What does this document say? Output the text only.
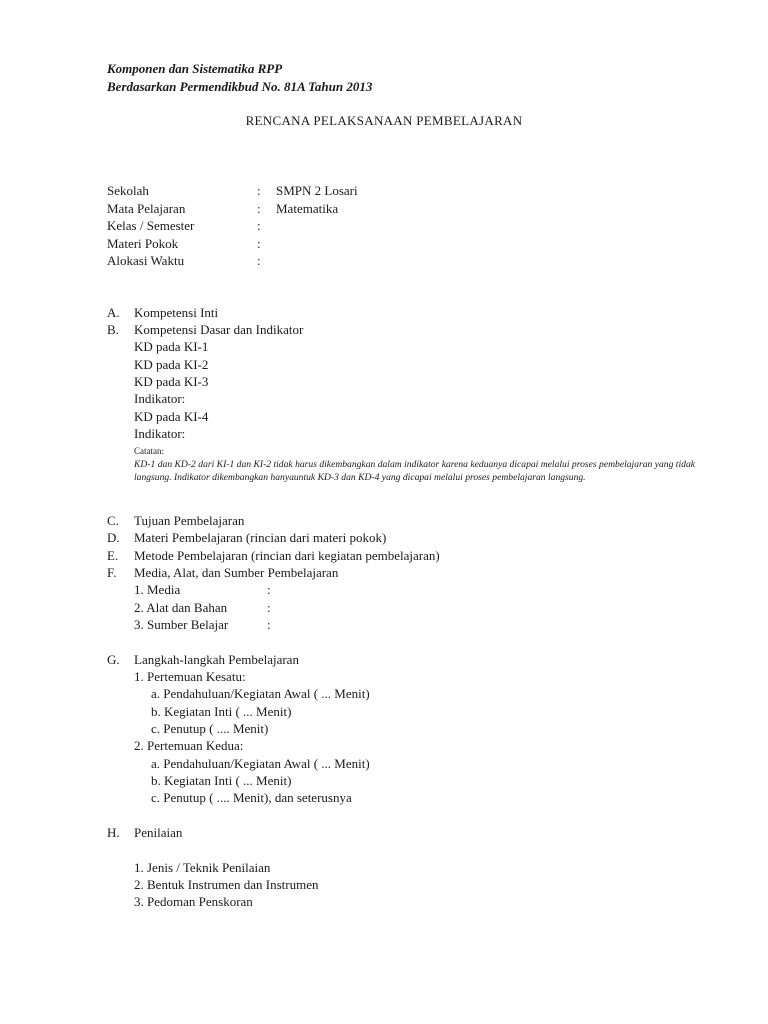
Komponen dan Sistematika RPP
Berdasarkan Permendikbud No. 81A Tahun 2013
RENCANA PELAKSANAAN PEMBELAJARAN
Sekolah	: SMPN 2 Losari
Mata Pelajaran	: Matematika
Kelas / Semester	:
Materi Pokok	:
Alokasi Waktu	:
A. Kompetensi Inti
B. Kompetensi Dasar dan Indikator
KD pada KI-1
KD pada KI-2
KD pada KI-3
Indikator:
KD pada KI-4
Indikator:
Catatan:
KD-1 dan KD-2 dari KI-1 dan KI-2 tidak harus dikembangkan dalam indikator karena keduanya dicapai melalui proses pembelajaran yang tidak langsung. Indikator dikembangkan hanyauntuk KD-3 dan KD-4 yang dicapai melalui proses pembelajaran langsung.
C. Tujuan Pembelajaran
D. Materi Pembelajaran (rincian dari materi pokok)
E. Metode Pembelajaran (rincian dari kegiatan pembelajaran)
F. Media, Alat, dan Sumber Pembelajaran
1. Media	:
2. Alat dan Bahan	:
3. Sumber Belajar	:
G. Langkah-langkah Pembelajaran
1. Pertemuan Kesatu:
a. Pendahuluan/Kegiatan Awal ( ... Menit)
b. Kegiatan Inti ( ... Menit)
c. Penutup ( .... Menit)
2. Pertemuan Kedua:
a. Pendahuluan/Kegiatan Awal ( ... Menit)
b. Kegiatan Inti ( ... Menit)
c. Penutup ( .... Menit), dan seterusnya
H. Penilaian
1. Jenis / Teknik Penilaian
2. Bentuk Instrumen dan Instrumen
3. Pedoman Penskoran
